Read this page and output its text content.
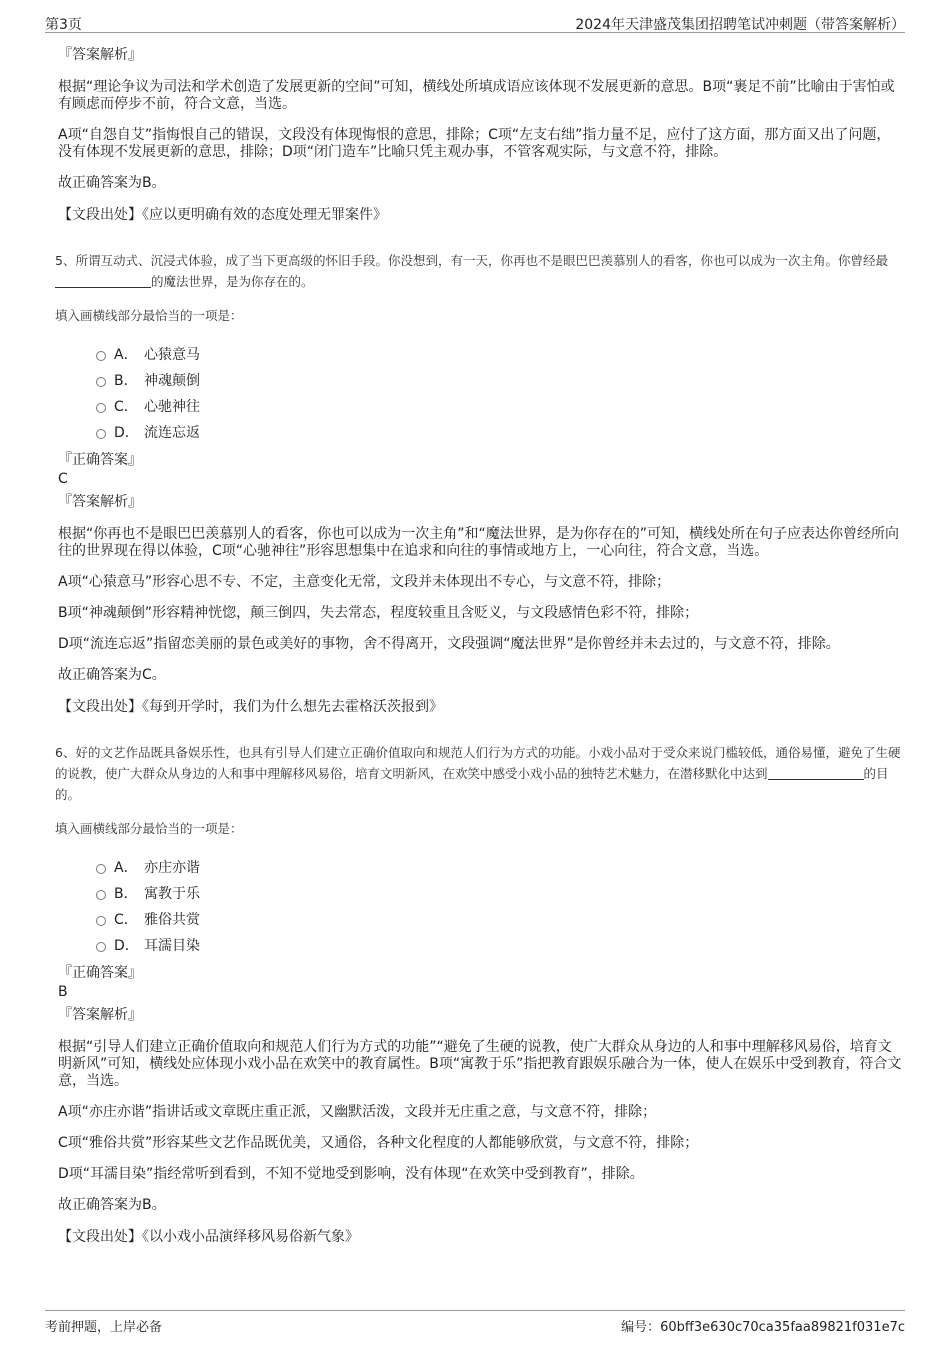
第3页	2024年天津盛茂集团招聘笔试冲刺题（带答案解析）
『答案解析』

根据“理论争议为司法和学术创造了发展更新的空间”可知，横线处所填成语应该体现不发展更新的意思。B项“裹足不前”比喻由于害怕或有顾虑而停步不前，符合文意，当选。

A项“自怨自艾”指悔恨自己的错误，文段没有体现悔恨的意思，排除；C项“左支右绌”指力量不足，应付了这方面，那方面又出了问题，没有体现不发展更新的意思，排除；D项“闭门造车”比喻只凭主观办事，不管客观实际，与文意不符，排除。

故正确答案为B。

【文段出处】《应以更明确有效的态度处理无罪案件》
5、所谓互动式、沉浸式体验，成了当下更高级的怀旧手段。你没想到，有一天，你再也不是眼巴巴羡慕别人的看客，你也可以成为一次主角。你曾经最的魔法世界，是为你存在的。
填入画横线部分最恰当的一项是：
A． 心猿意马
B． 神魂颠倒
C． 心驰神往
D． 流连忘返
『正确答案』
C
『答案解析』

根据“你再也不是眼巴巴羡慕别人的看客，你也可以成为一次主角”和“魔法世界，是为你存在的”可知，横线处所在句子应表达你曾经所向往的世界现在得以体验，C项“心驰神往”形容思想集中在追求和向往的事情或地方上，一心向往，符合文意，当选。

A项“心猿意马”形容心思不专、不定，主意变化无常，文段并未体现出不专心，与文意不符，排除；

B项“神魂颠倒”形容精神恍惚，颠三倒四，失去常态，程度较重且含贬义，与文段感情色彩不符，排除；

D项“流连忘返”指留恋美丽的景色或美好的事物，舍不得离开，文段强调“魔法世界”是你曾经并未去过的，与文意不符，排除。

故正确答案为C。

【文段出处】《每到开学时，我们为什么想先去霍格沃茨报到》
6、好的文艺作品既具备娱乐性，也具有引导人们建立正确价值取向和规范人们行为方式的功能。小戏小品对于受众来说门槛较低，通俗易懂，避免了生硬的说教，使广大群众从身边的人和事中理解移风易俗，培育文明新风，在欢笑中感受小戏小品的独特艺术魅力，在潜移默化中达到	的目的。
填入画横线部分最恰当的一项是：
A． 亦庄亦谐
B． 寓教于乐
C． 雅俗共赏
D． 耳濡目染
『正确答案』
B
『答案解析』

根据“引导人们建立正确价值取向和规范人们行为方式的功能”“避免了生硬的说教，使广大群众从身边的人和事中理解移风易俗，培育文明新风”可知，横线处应体现小戏小品在欢笑中的教育属性。B项“寓教于乐”指把教育跟娱乐融合为一体，使人在娱乐中受到教育，符合文意，当选。

A项“亦庄亦谐”指讲话或文章既庄重正派，又幽默活泼，文段并无庄重之意，与文意不符，排除；

C项“雅俗共赏”形容某些文艺作品既优美，又通俗，各种文化程度的人都能够欣赏，与文意不符，排除；

D项“耳濡目染”指经常听到看到，不知不觉地受到影响，没有体现“在欢笑中受到教育”，排除。

故正确答案为B。

【文段出处】《以小戏小品演绎移风易俗新气象》
考前押题，上岸必备	编号：60bff3e630c70ca35faa89821f031e7c
